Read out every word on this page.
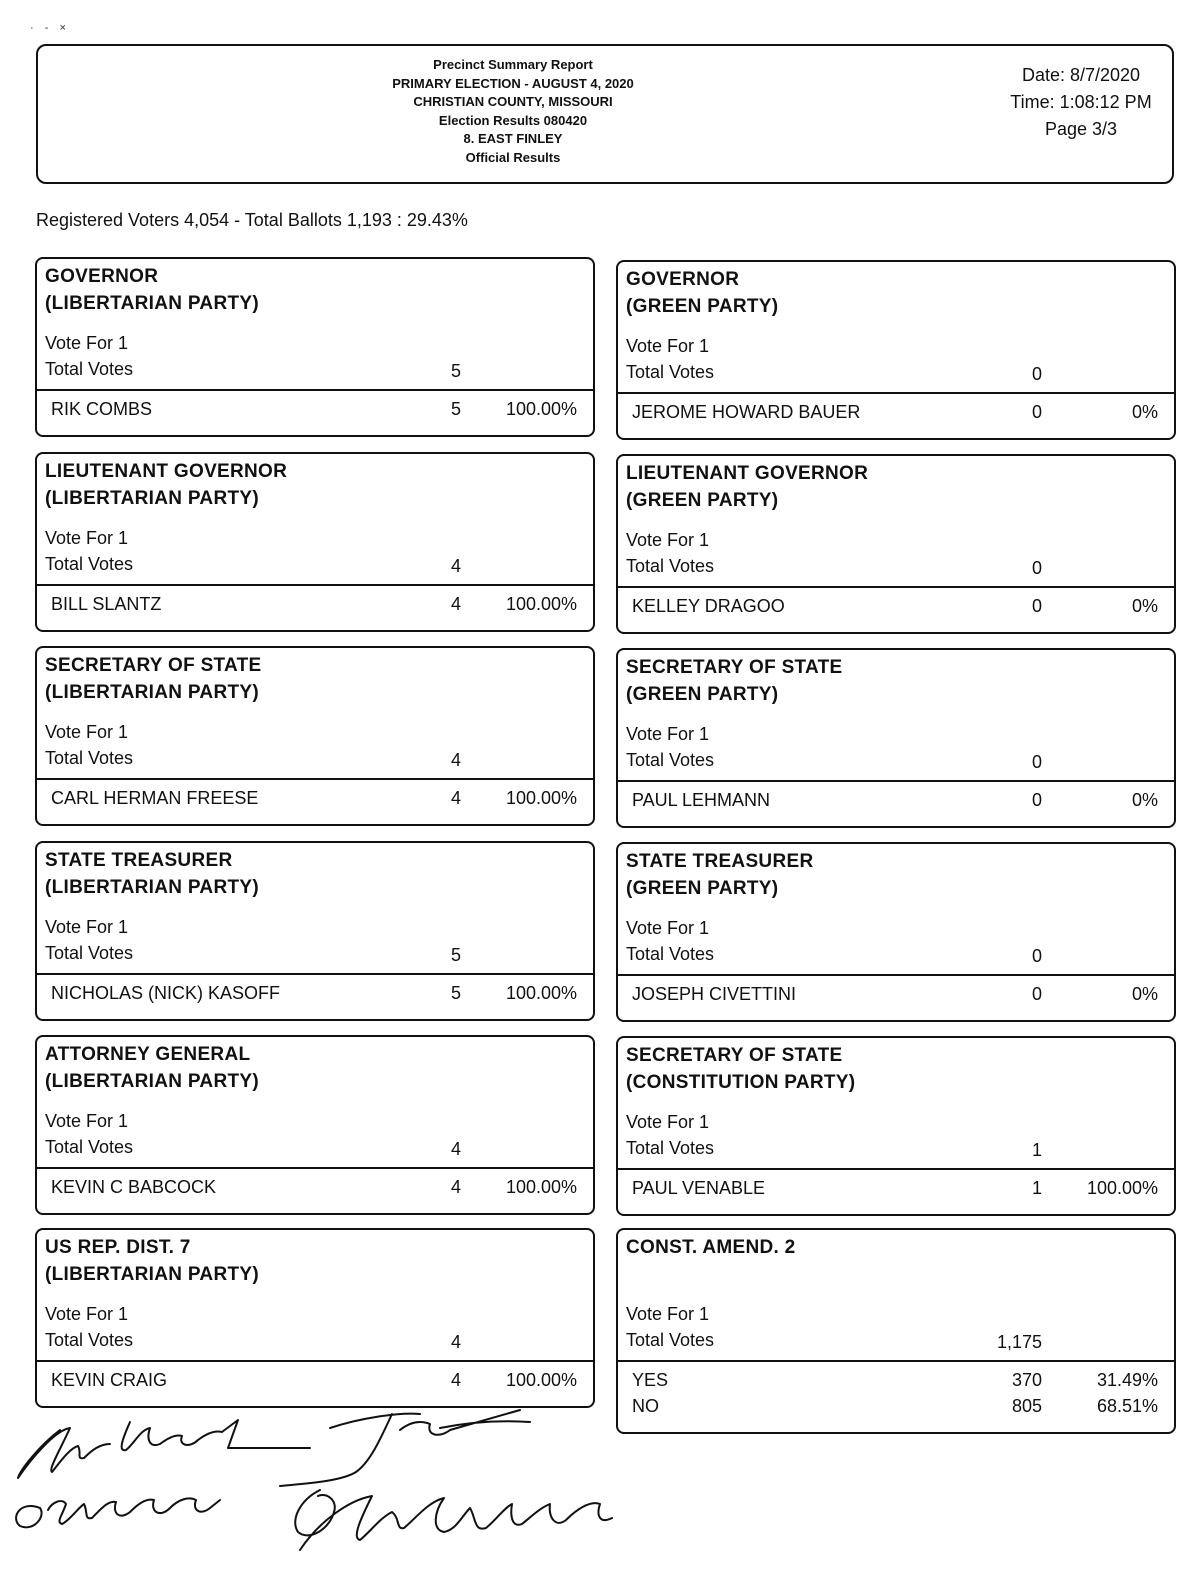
· ‑ ×
Precinct Summary Report
PRIMARY ELECTION - AUGUST 4, 2020
CHRISTIAN COUNTY, MISSOURI
Election Results 080420
8. EAST FINLEY
Official Results
Date: 8/7/2020
Time: 1:08:12 PM
Page 3/3
Registered Voters 4,054 - Total Ballots 1,193 : 29.43%
GOVERNOR
(LIBERTARIAN PARTY)
Vote For 1
Total Votes	5
RIK COMBS	5 100.00%
LIEUTENANT GOVERNOR
(LIBERTARIAN PARTY)
Vote For 1
Total Votes	4
BILL SLANTZ	4 100.00%
SECRETARY OF STATE
(LIBERTARIAN PARTY)
Vote For 1
Total Votes	4
CARL HERMAN FREESE	4 100.00%
STATE TREASURER
(LIBERTARIAN PARTY)
Vote For 1
Total Votes	5
NICHOLAS (NICK) KASOFF	5 100.00%
ATTORNEY GENERAL
(LIBERTARIAN PARTY)
Vote For 1
Total Votes	4
KEVIN C BABCOCK	4 100.00%
US REP. DIST. 7
(LIBERTARIAN PARTY)
Vote For 1
Total Votes	4
KEVIN CRAIG	4 100.00%
GOVERNOR
(GREEN PARTY)
Vote For 1
Total Votes	0
JEROME HOWARD BAUER	0	0%
LIEUTENANT GOVERNOR
(GREEN PARTY)
Vote For 1
Total Votes	0
KELLEY DRAGOO	0	0%
SECRETARY OF STATE
(GREEN PARTY)
Vote For 1
Total Votes	0
PAUL LEHMANN	0	0%
STATE TREASURER
(GREEN PARTY)
Vote For 1
Total Votes	0
JOSEPH CIVETTINI	0	0%
SECRETARY OF STATE
(CONSTITUTION PARTY)
Vote For 1
Total Votes	1
PAUL VENABLE	1 100.00%
CONST. AMEND. 2
Vote For 1
Total Votes	1,175
YES	370	31.49%
NO	805	68.51%
